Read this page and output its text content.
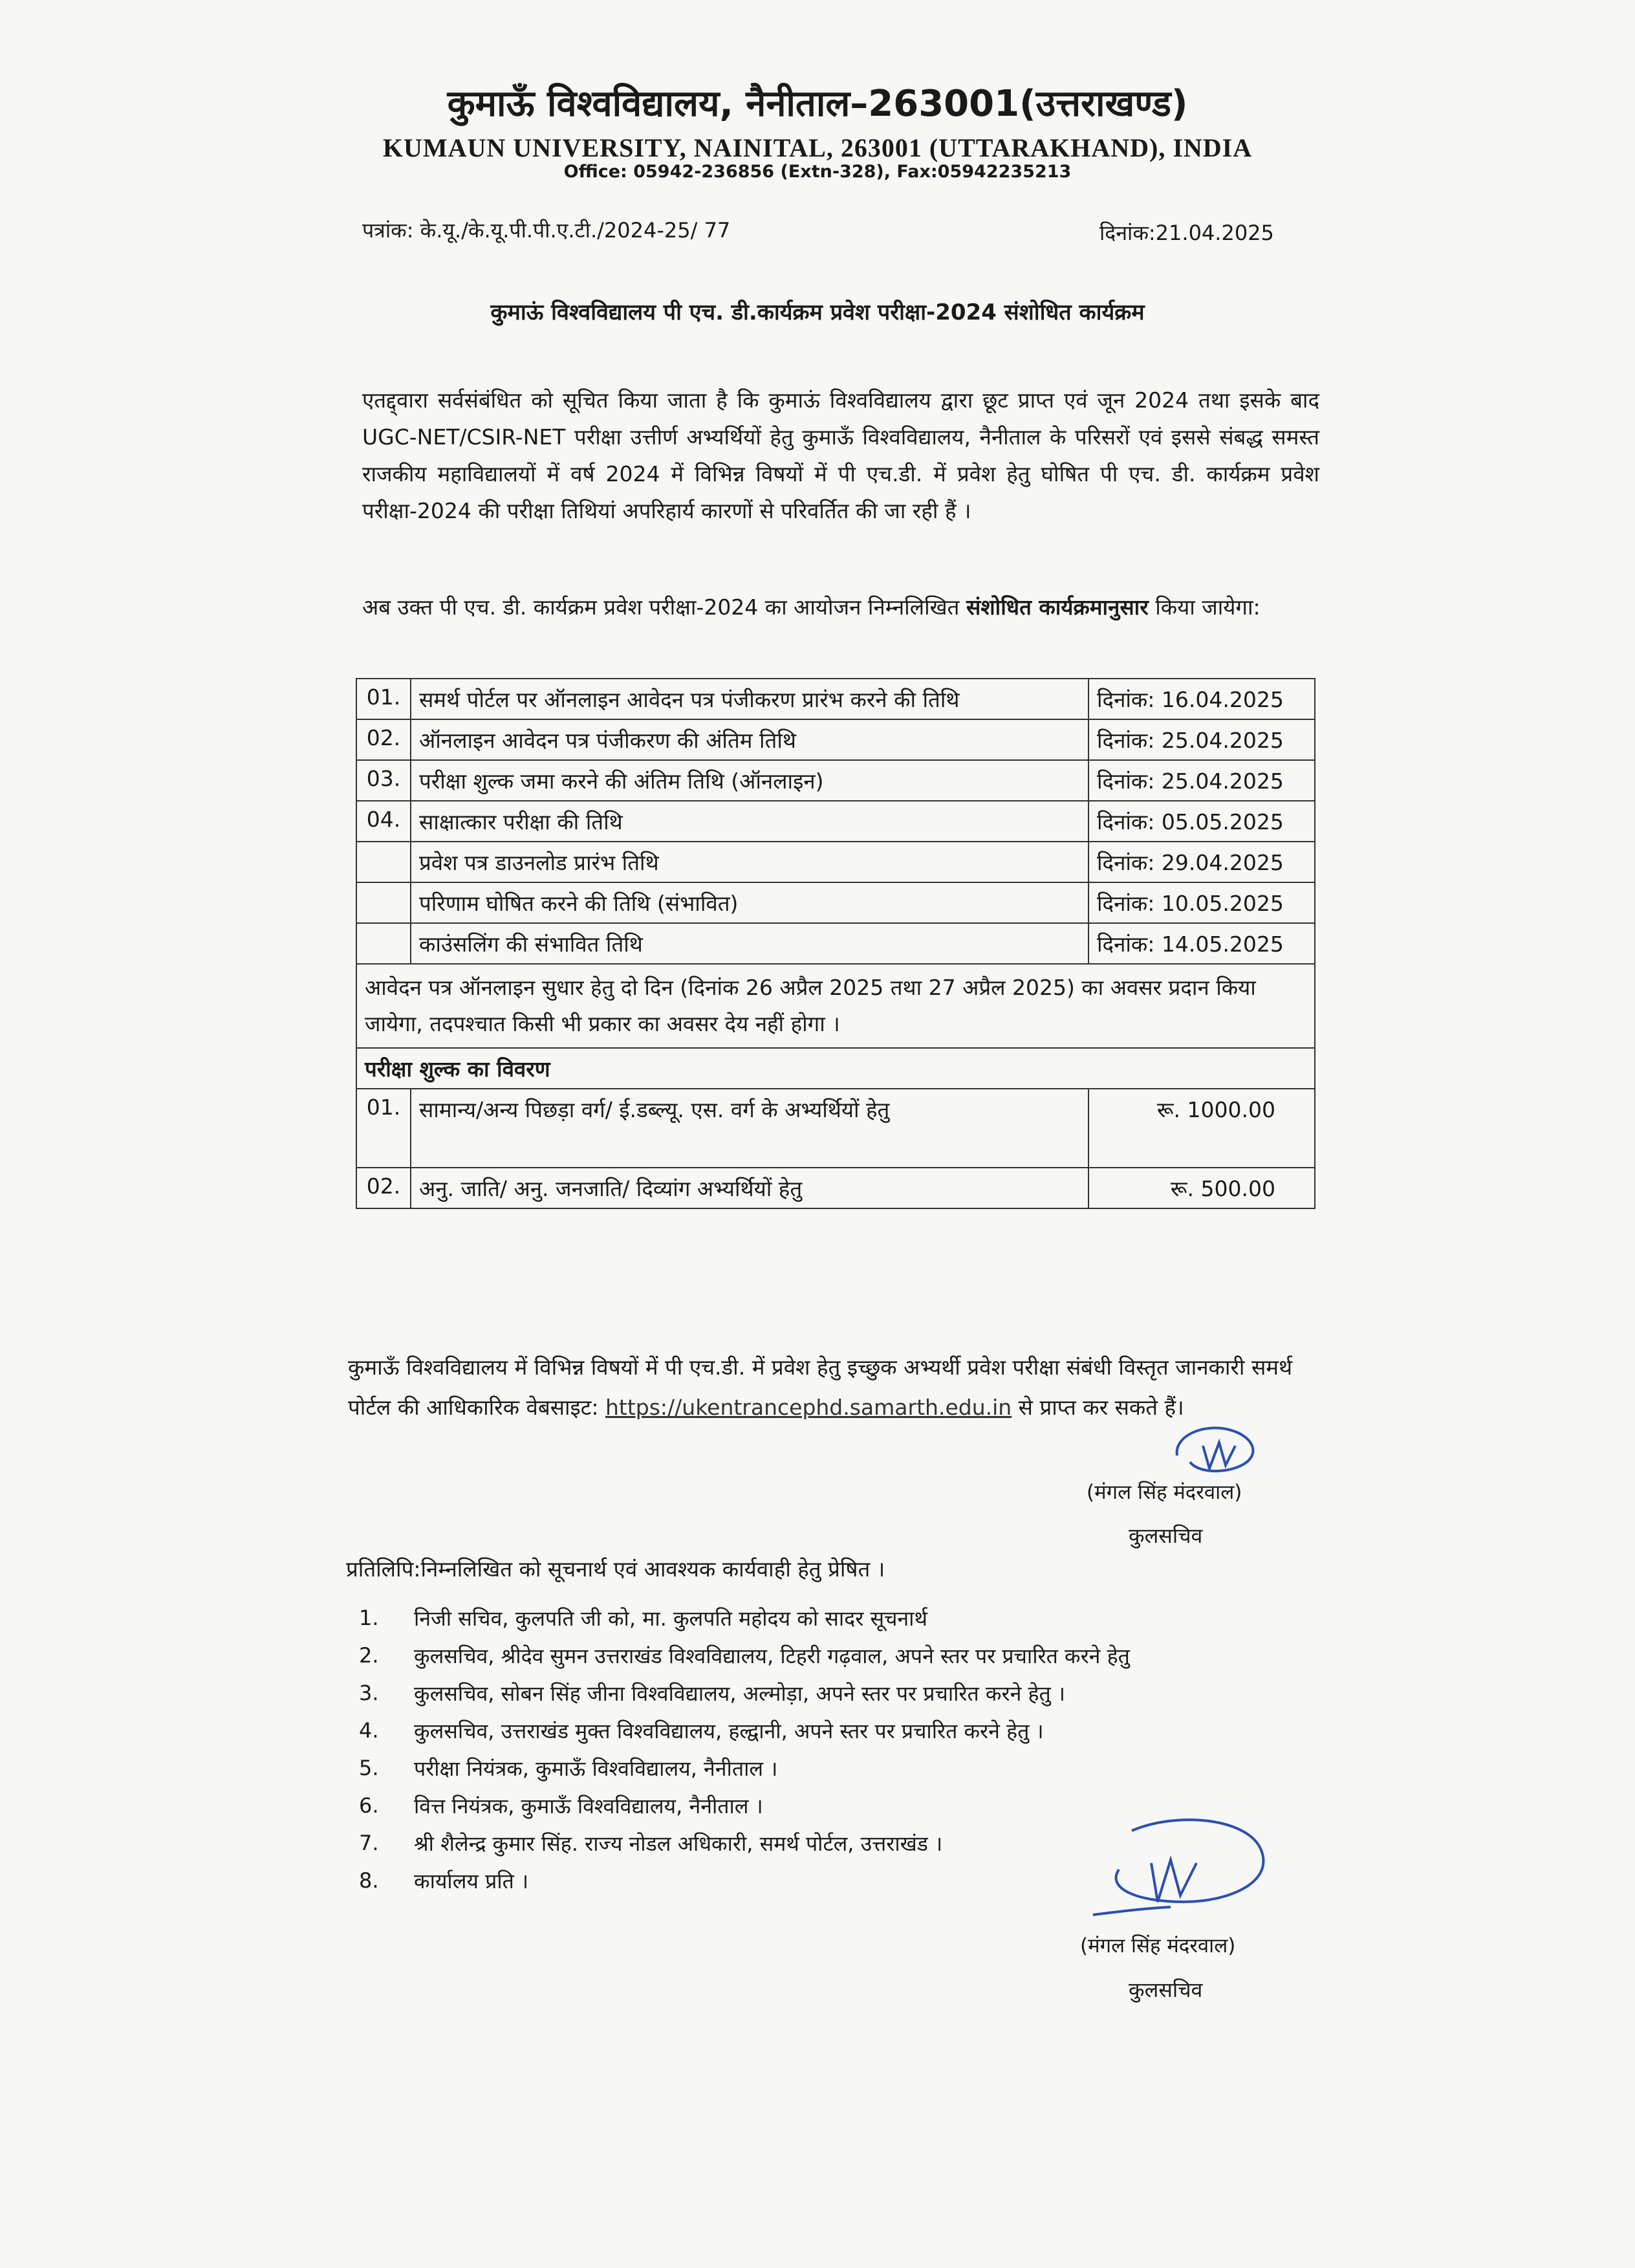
कुमाऊँ विश्वविद्यालय, नैनीताल–263001(उत्तराखण्ड)
KUMAUN UNIVERSITY, NAINITAL, 263001 (UTTARAKHAND), INDIA
Office: 05942-236856 (Extn-328), Fax:05942235213
पत्रांक: के.यू./के.यू.पी.पी.ए.टी./2024-25/ 77	दिनांक:21.04.2025
कुमाऊं विश्वविद्यालय पी एच. डी.कार्यक्रम प्रवेश परीक्षा-2024 संशोधित कार्यक्रम
एतद्द्वारा सर्वसंबंधित को सूचित किया जाता है कि कुमाऊं विश्वविद्यालय द्वारा छूट प्राप्त एवं जून 2024 तथा इसके बाद UGC-NET/CSIR-NET परीक्षा उत्तीर्ण अभ्यर्थियों हेतु कुमाऊँ विश्वविद्यालय, नैनीताल के परिसरों एवं इससे संबद्ध समस्त राजकीय महाविद्यालयों में वर्ष 2024 में विभिन्न विषयों में पी एच.डी. में प्रवेश हेतु घोषित पी एच. डी. कार्यक्रम प्रवेश परीक्षा-2024 की परीक्षा तिथियां अपरिहार्य कारणों से परिवर्तित की जा रही हैं ।
अब उक्त पी एच. डी. कार्यक्रम प्रवेश परीक्षा-2024 का आयोजन निम्नलिखित संशोधित कार्यक्रमानुसार किया जायेगा:
01.	समर्थ पोर्टल पर ऑनलाइन आवेदन पत्र पंजीकरण प्रारंभ करने की तिथि	दिनांक: 16.04.2025
02.	ऑनलाइन आवेदन पत्र पंजीकरण की अंतिम तिथि	दिनांक: 25.04.2025
03.	परीक्षा शुल्क जमा करने की अंतिम तिथि (ऑनलाइन)	दिनांक: 25.04.2025
04.	साक्षात्कार परीक्षा की तिथि	दिनांक: 05.05.2025
	प्रवेश पत्र डाउनलोड प्रारंभ तिथि	दिनांक: 29.04.2025
	परिणाम घोषित करने की तिथि (संभावित)	दिनांक: 10.05.2025
	काउंसलिंग की संभावित तिथि	दिनांक: 14.05.2025
आवेदन पत्र ऑनलाइन सुधार हेतु दो दिन (दिनांक 26 अप्रैल 2025 तथा 27 अप्रैल 2025) का अवसर प्रदान किया जायेगा, तदपश्चात किसी भी प्रकार का अवसर देय नहीं होगा ।		
परीक्षा शुल्क का विवरण		
01.	सामान्य/अन्य पिछड़ा वर्ग/ ई.डब्ल्यू. एस. वर्ग के अभ्यर्थियों हेतु	रू. 1000.00
02.	अनु. जाति/ अनु. जनजाति/ दिव्यांग अभ्यर्थियों हेतु	रू. 500.00
कुमाऊँ विश्वविद्यालय में विभिन्न विषयों में पी एच.डी. में प्रवेश हेतु इच्छुक अभ्यर्थी प्रवेश परीक्षा संबंधी विस्तृत जानकारी समर्थ पोर्टल की आधिकारिक वेबसाइट: https://ukentrancephd.samarth.edu.in से प्राप्त कर सकते हैं।
(मंगल सिंह मंदरवाल)
कुलसचिव
प्रतिलिपि:निम्नलिखित को सूचनार्थ एवं आवश्यक कार्यवाही हेतु प्रेषित ।
1.	निजी सचिव, कुलपति जी को, मा. कुलपति महोदय को सादर सूचनार्थ
2.	कुलसचिव, श्रीदेव सुमन उत्तराखंड विश्वविद्यालय, टिहरी गढ़वाल, अपने स्तर पर प्रचारित करने हेतु
3.	कुलसचिव, सोबन सिंह जीना विश्वविद्यालय, अल्मोड़ा, अपने स्तर पर प्रचारित करने हेतु ।
4.	कुलसचिव, उत्तराखंड मुक्त विश्वविद्यालय, हल्द्वानी, अपने स्तर पर प्रचारित करने हेतु ।
5.	परीक्षा नियंत्रक, कुमाऊँ विश्वविद्यालय, नैनीताल ।
6.	वित्त नियंत्रक, कुमाऊँ विश्वविद्यालय, नैनीताल ।
7.	श्री शैलेन्द्र कुमार सिंह. राज्य नोडल अधिकारी, समर्थ पोर्टल, उत्तराखंड ।
8.	कार्यालय प्रति ।
(मंगल सिंह मंदरवाल)
कुलसचिव
